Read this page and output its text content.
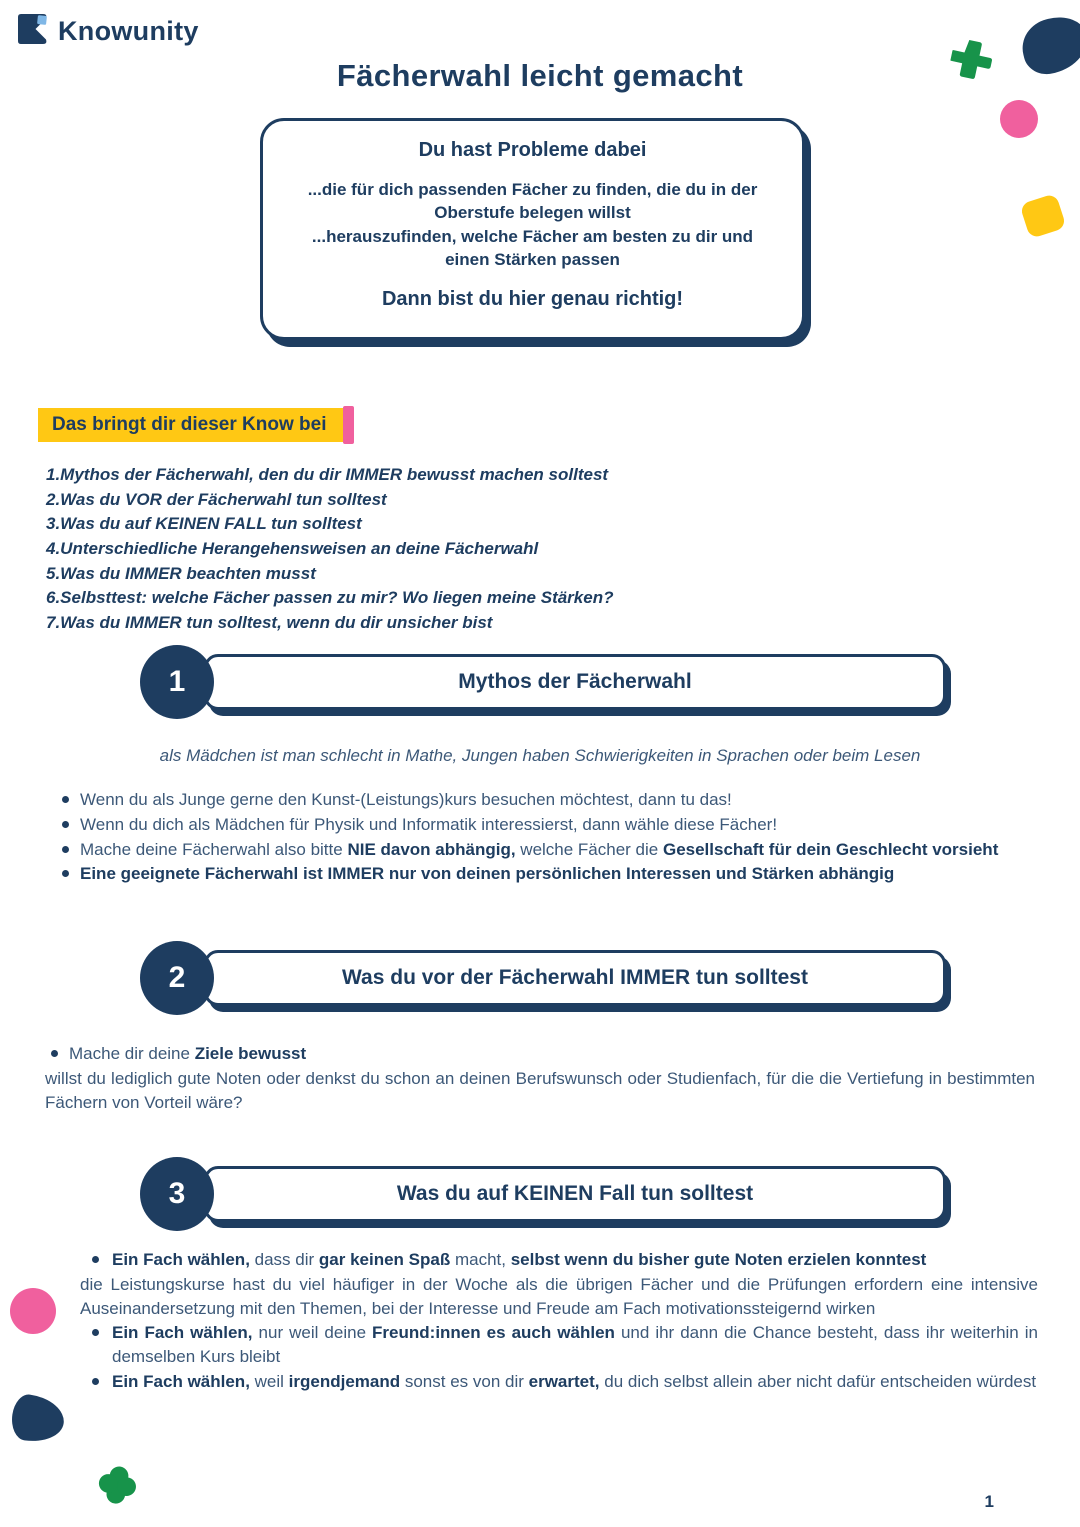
Knowunity
Fächerwahl leicht gemacht
Du hast Probleme dabei
...die für dich passenden Fächer zu finden, die du in der Oberstufe belegen willst
...herauszufinden, welche Fächer am besten zu dir und einen Stärken passen
Dann bist du hier genau richtig!
Das bringt dir dieser Know bei
1.Mythos der Fächerwahl, den du dir IMMER bewusst machen solltest
2.Was du VOR der Fächerwahl tun solltest
3.Was du auf KEINEN FALL tun solltest
4.Unterschiedliche Herangehensweisen an deine Fächerwahl
5.Was du IMMER beachten musst
6.Selbsttest: welche Fächer passen zu mir? Wo liegen meine Stärken?
7.Was du IMMER tun solltest, wenn du dir unsicher bist
1	Mythos der Fächerwahl
als Mädchen ist man schlecht in Mathe, Jungen haben Schwierigkeiten in Sprachen oder beim Lesen
Wenn du als Junge gerne den Kunst-(Leistungs)kurs besuchen möchtest, dann tu das!
Wenn du dich als Mädchen für Physik und Informatik interessierst, dann wähle diese Fächer!
Mache deine Fächerwahl also bitte NIE davon abhängig, welche Fächer die Gesellschaft für dein Geschlecht vorsieht
Eine geeignete Fächerwahl ist IMMER nur von deinen persönlichen Interessen und Stärken abhängig
2	Was du vor der Fächerwahl IMMER tun solltest
Mache dir deine Ziele bewusst
willst du lediglich gute Noten oder denkst du schon an deinen Berufswunsch oder Studienfach, für die die Vertiefung in bestimmten Fächern von Vorteil wäre?
3	Was du auf KEINEN Fall tun solltest
Ein Fach wählen, dass dir gar keinen Spaß macht, selbst wenn du bisher gute Noten erzielen konntest
die Leistungskurse hast du viel häufiger in der Woche als die übrigen Fächer und die Prüfungen erfordern eine intensive Auseinandersetzung mit den Themen, bei der Interesse und Freude am Fach motivationssteigernd wirken
Ein Fach wählen, nur weil deine Freund:innen es auch wählen und ihr dann die Chance besteht, dass ihr weiterhin in demselben Kurs bleibt
Ein Fach wählen, weil irgendjemand sonst es von dir erwartet, du dich selbst allein aber nicht dafür entscheiden würdest
1
